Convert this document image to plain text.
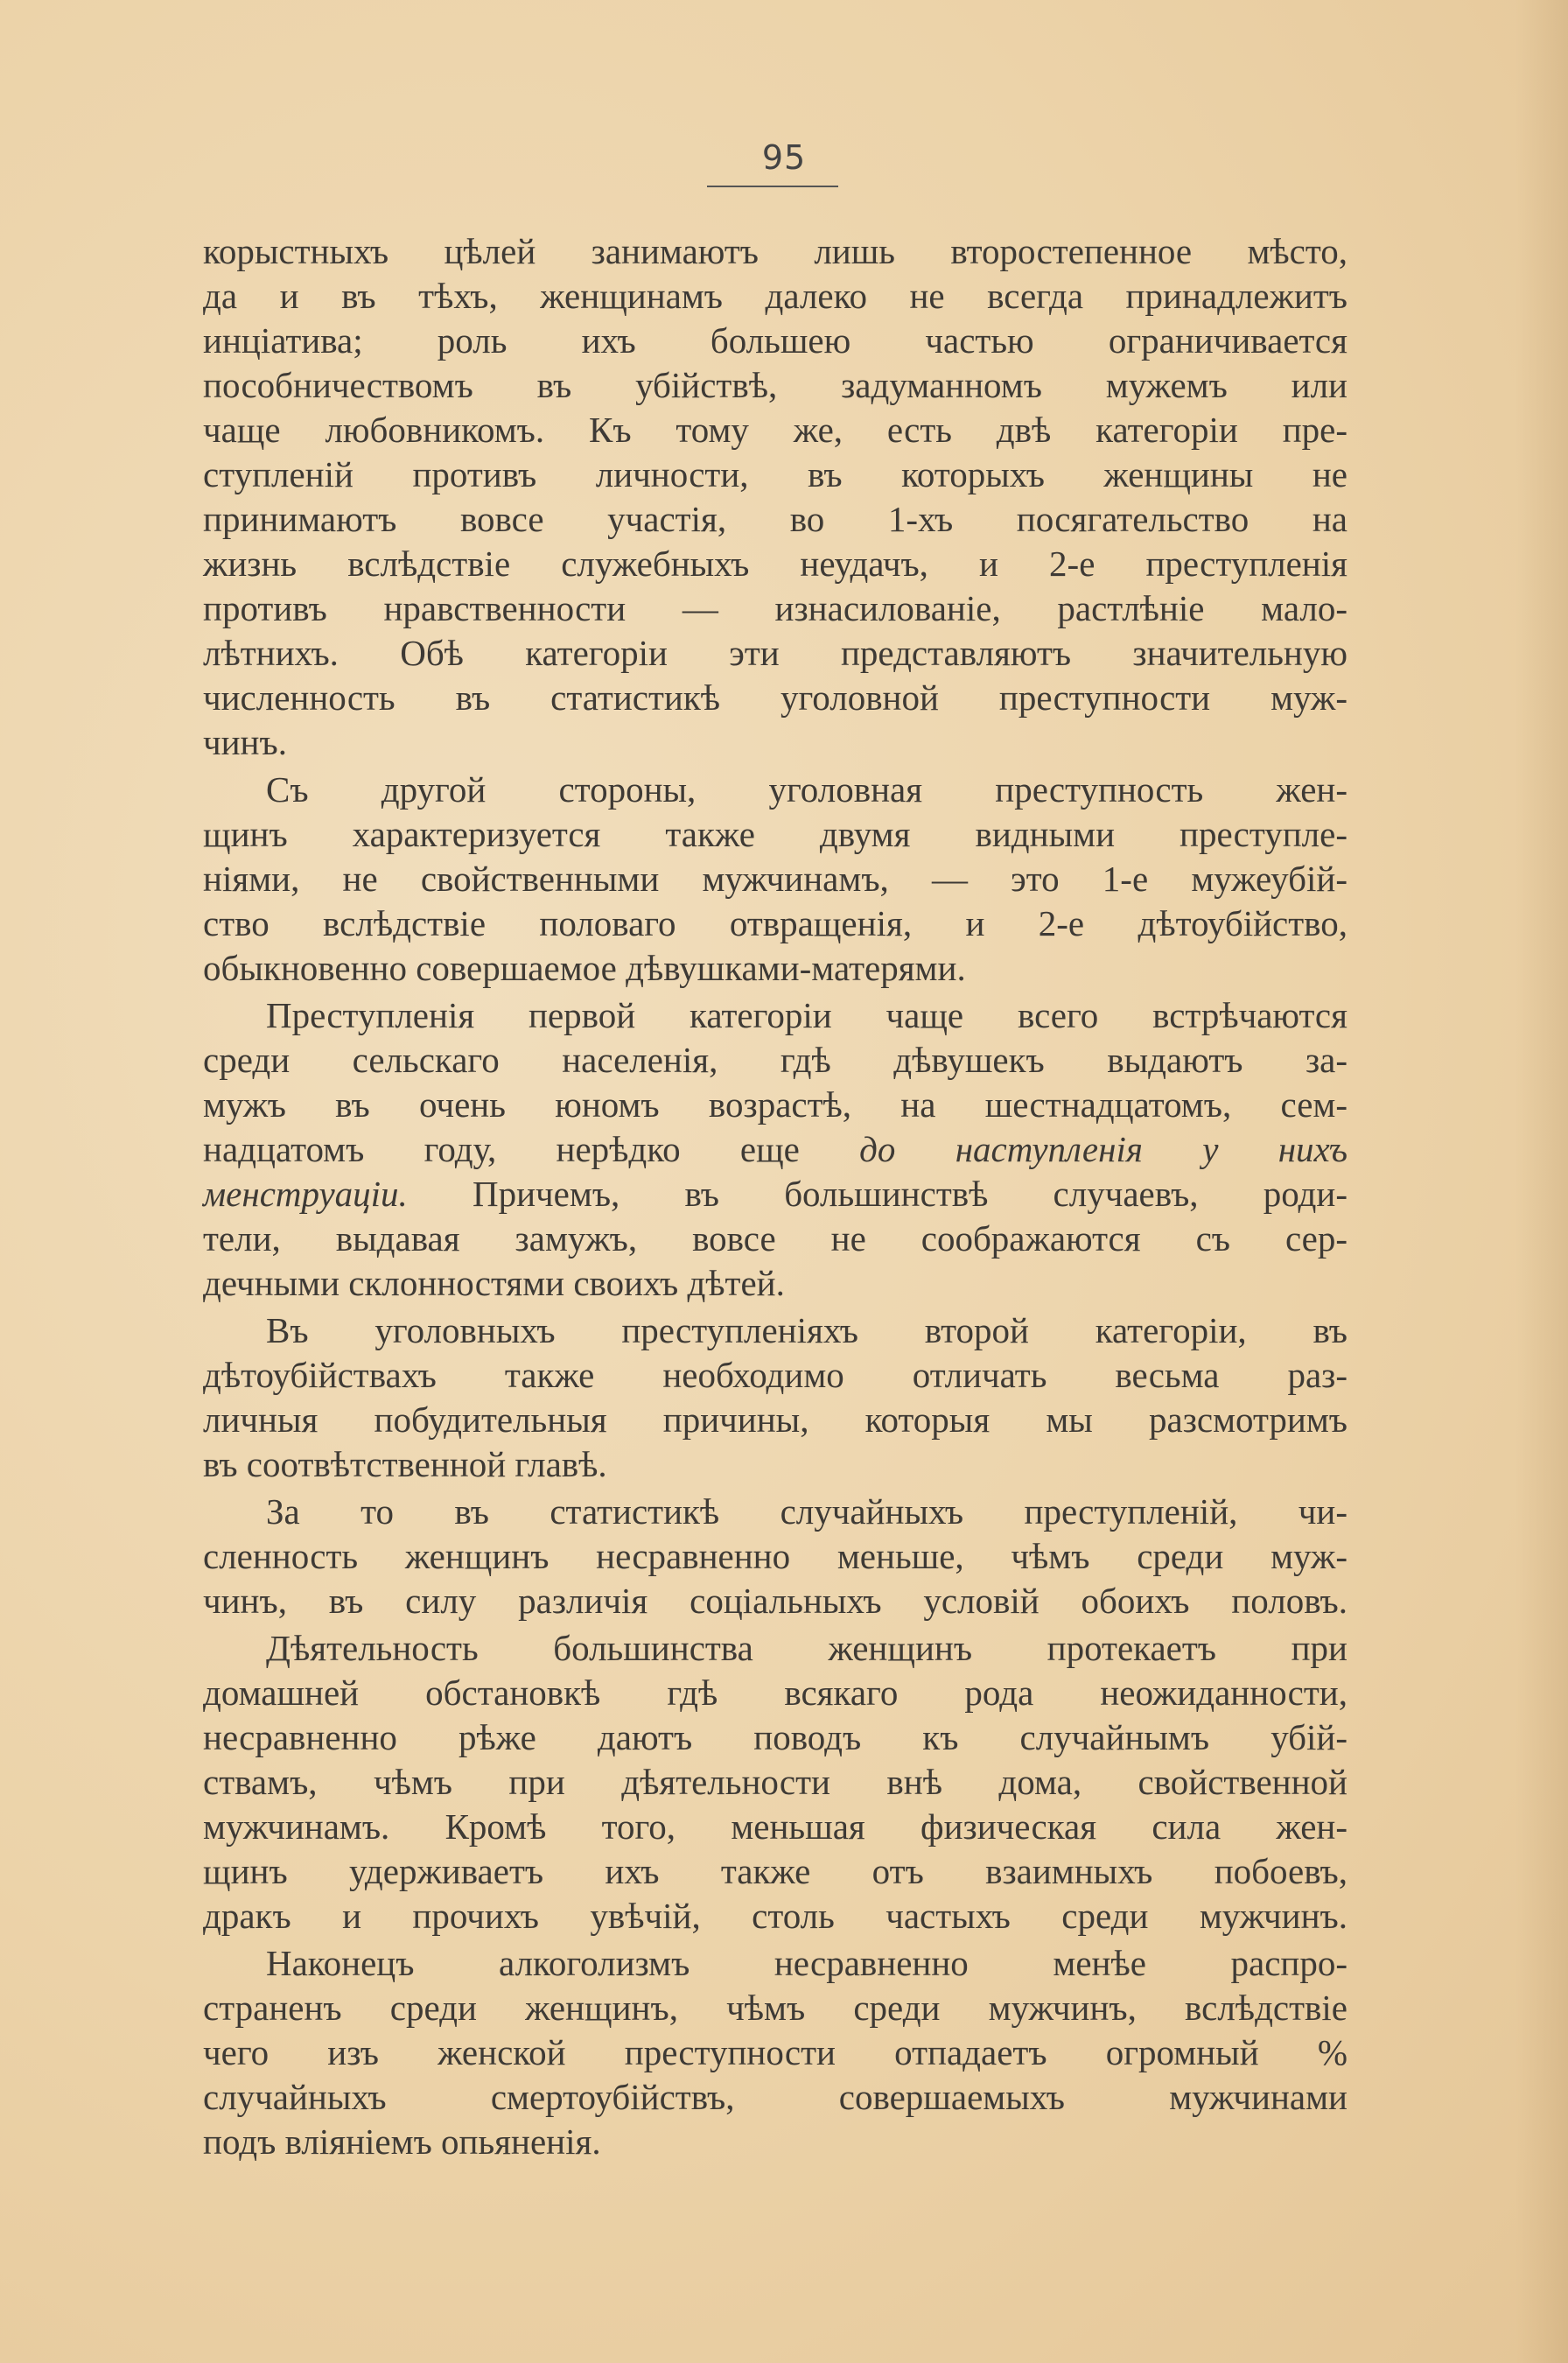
95

корыстныхъ цѣлей занимаютъ лишь второстепенное мѣсто,
да и въ тѣхъ, женщинамъ далеко не всегда принадлежитъ
инціатива; роль ихъ большею частью ограничивается
пособничествомъ въ убійствѣ, задуманномъ мужемъ или
чаще любовникомъ. Къ тому же, есть двѣ категоріи пре-
ступленій противъ личности, въ которыхъ женщины не
принимаютъ вовсе участія, во 1-хъ посягательство на
жизнь вслѣдствіе служебныхъ неудачъ, и 2-е преступленія
противъ нравственности — изнасилованіе, растлѣніе мало-
лѣтнихъ. Обѣ категоріи эти представляютъ значительную
численность въ статистикѣ уголовной преступности муж-
чинъ.

Съ другой стороны, уголовная преступность жен-
щинъ характеризуется также двумя видными преступле-
ніями, не свойственными мужчинамъ, — это 1-е мужеубій-
ство вслѣдствіе половаго отвращенія, и 2-е дѣтоубійство,
обыкновенно совершаемое дѣвушками-матерями.

Преступленія первой категоріи чаще всего встрѣчаются
среди сельскаго населенія, гдѣ дѣвушекъ выдаютъ за-
мужъ въ очень юномъ возрастѣ, на шестнадцатомъ, сем-
надцатомъ году, нерѣдко еще до наступленія у нихъ
менструаціи. Причемъ, въ большинствѣ случаевъ, роди-
тели, выдавая замужъ, вовсе не соображаются съ сер-
дечными склонностями своихъ дѣтей.

Въ уголовныхъ преступленіяхъ второй категоріи, въ
дѣтоубійствахъ также необходимо отличать весьма раз-
личныя побудительныя причины, которыя мы разсмотримъ
въ соотвѣтственной главѣ.

За то въ статистикѣ случайныхъ преступленій, чи-
сленность женщинъ несравненно меньше, чѣмъ среди муж-
чинъ, въ силу различія соціальныхъ условій обоихъ половъ.

Дѣятельность большинства женщинъ протекаетъ при
домашней обстановкѣ гдѣ всякаго рода неожиданности,
несравненно рѣже даютъ поводъ къ случайнымъ убій-
ствамъ, чѣмъ при дѣятельности внѣ дома, свойственной
мужчинамъ. Кромѣ того, меньшая физическая сила жен-
щинъ удерживаетъ ихъ также отъ взаимныхъ побоевъ,
дракъ и прочихъ увѣчій, столь частыхъ среди мужчинъ.

Наконецъ алкоголизмъ несравненно менѣе распро-
страненъ среди женщинъ, чѣмъ среди мужчинъ, вслѣдствіе
чего изъ женской преступности отпадаетъ огромный %
случайныхъ смертоубійствъ, совершаемыхъ мужчинами
подъ вліяніемъ опьяненія.
